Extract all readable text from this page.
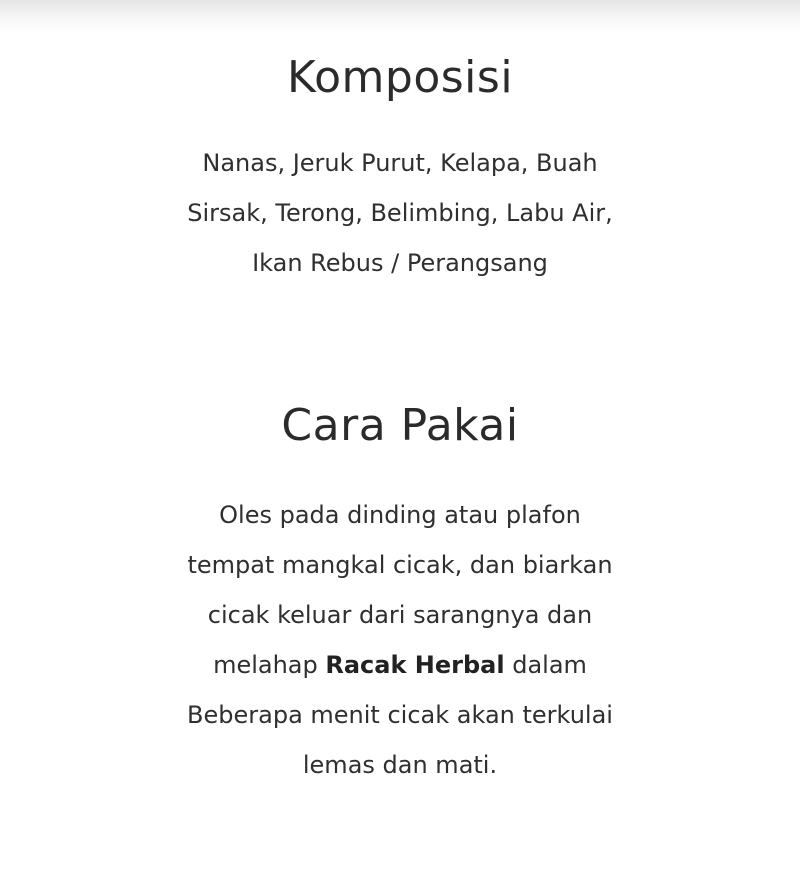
Komposisi

Nanas, Jeruk Purut, Kelapa, Buah Sirsak, Terong, Belimbing, Labu Air, Ikan Rebus / Perangsang

Cara Pakai

Oles pada dinding atau plafon tempat mangkal cicak, dan biarkan cicak keluar dari sarangnya dan melahap Racak Herbal dalam Beberapa menit cicak akan terkulai lemas dan mati.
